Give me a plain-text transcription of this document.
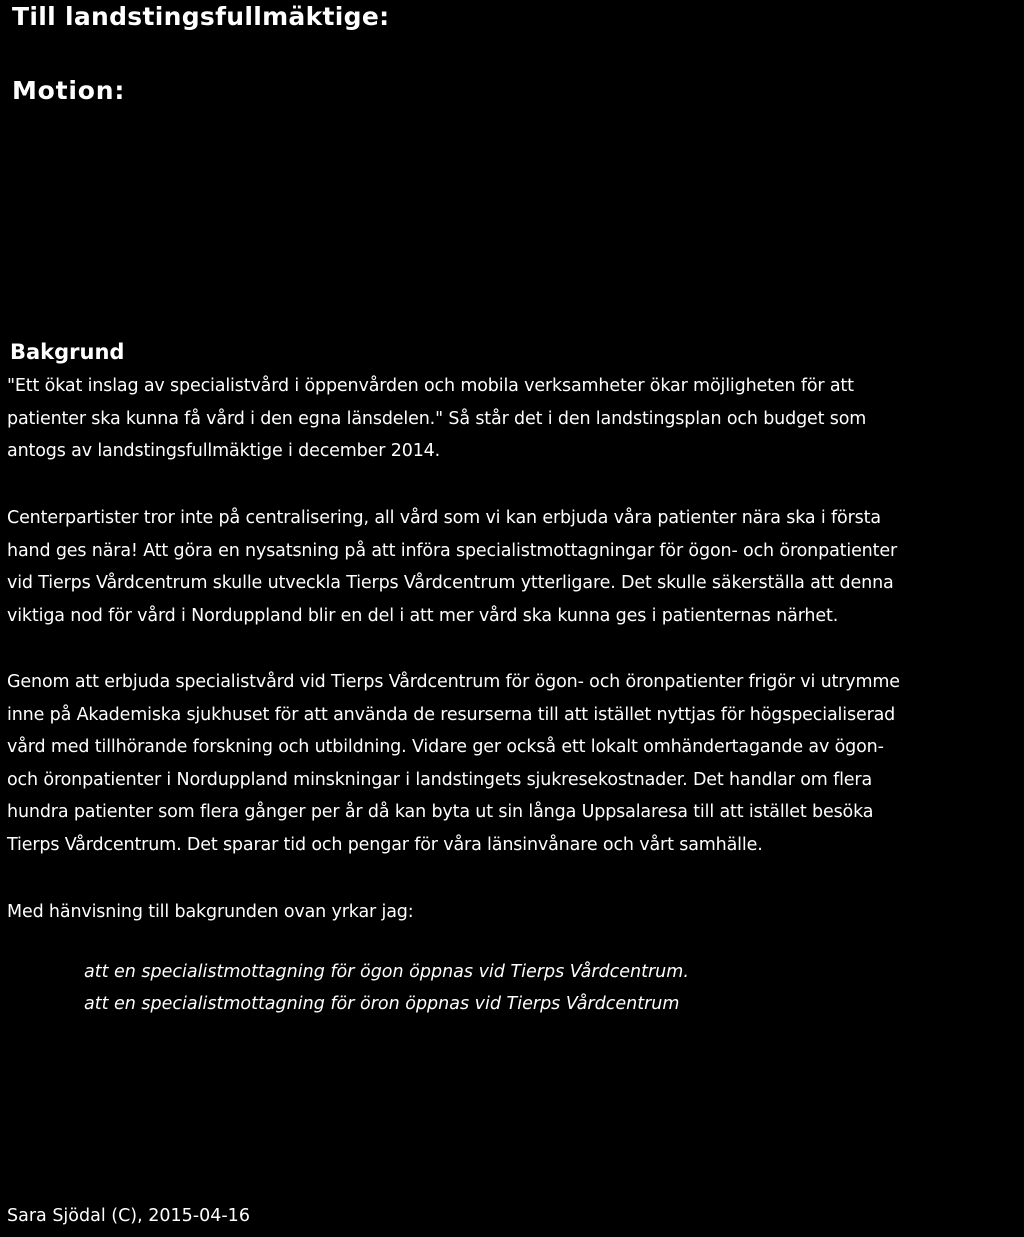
Till landstingsfullmäktige:
Motion:
Bakgrund
"Ett ökat inslag av specialistvård i öppenvården och mobila verksamheter ökar möjligheten för att
patienter ska kunna få vård i den egna länsdelen." Så står det i den landstingsplan och budget som
antogs av landstingsfullmäktige i december 2014.
Centerpartister tror inte på centralisering, all vård som vi kan erbjuda våra patienter nära ska i första
hand ges nära! Att göra en nysatsning på att införa specialistmottagningar för ögon- och öronpatienter
vid Tierps Vårdcentrum skulle utveckla Tierps Vårdcentrum ytterligare. Det skulle säkerställa att denna
viktiga nod för vård i Norduppland blir en del i att mer vård ska kunna ges i patienternas närhet.
Genom att erbjuda specialistvård vid Tierps Vårdcentrum för ögon- och öronpatienter frigör vi utrymme
inne på Akademiska sjukhuset för att använda de resurserna till att istället nyttjas för högspecialiserad
vård med tillhörande forskning och utbildning. Vidare ger också ett lokalt omhändertagande av ögon-
och öronpatienter i Norduppland minskningar i landstingets sjukresekostnader. Det handlar om flera
hundra patienter som flera gånger per år då kan byta ut sin långa Uppsalaresa till att istället besöka
Tierps Vårdcentrum. Det sparar tid och pengar för våra länsinvånare och vårt samhälle.
Med hänvisning till bakgrunden ovan yrkar jag:
att en specialistmottagning för ögon öppnas vid Tierps Vårdcentrum.
att en specialistmottagning för öron öppnas vid Tierps Vårdcentrum
Sara Sjödal (C), 2015-04-16
